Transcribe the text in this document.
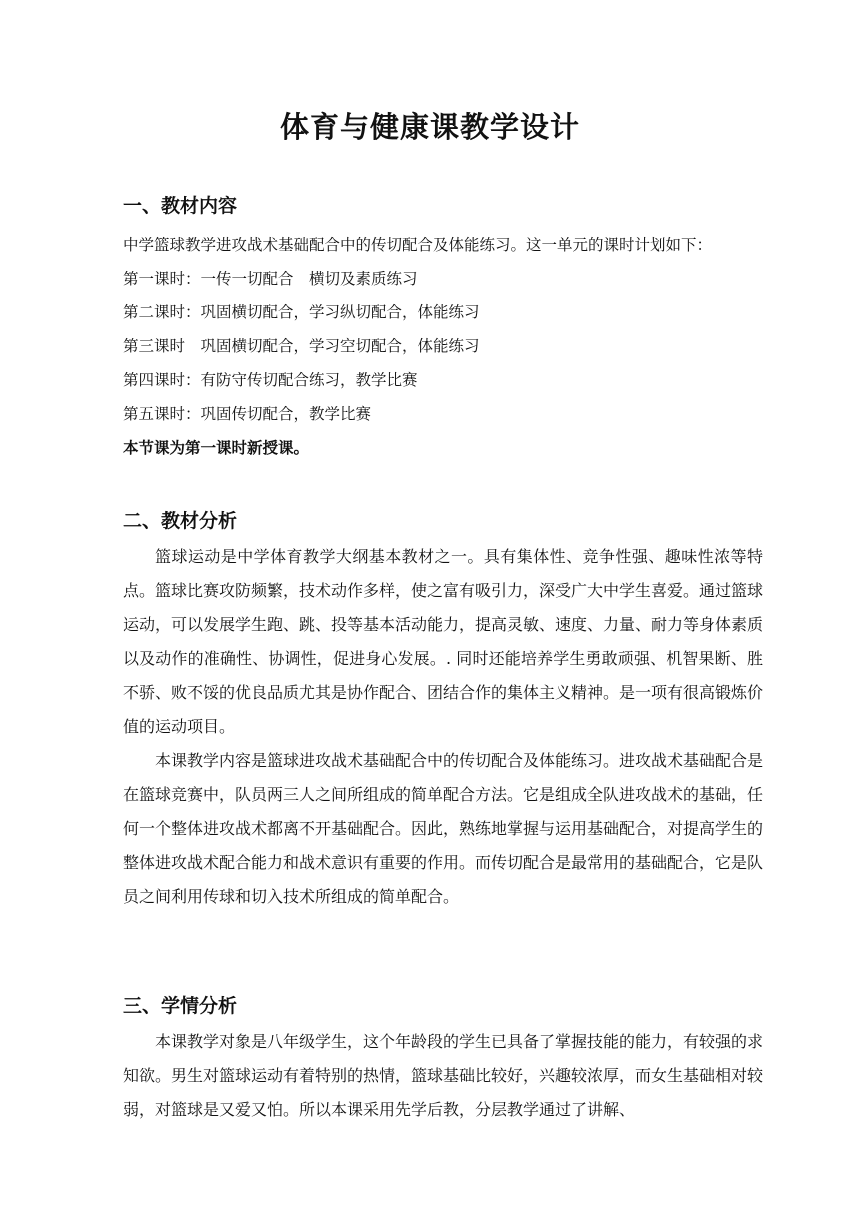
体育与健康课教学设计
一、教材内容

中学篮球教学进攻战术基础配合中的传切配合及体能练习。这一单元的课时计划如下：

第一课时：一传一切配合　横切及素质练习

第二课时：巩固横切配合，学习纵切配合，体能练习

第三课时　巩固横切配合，学习空切配合，体能练习

第四课时：有防守传切配合练习，教学比赛

第五课时：巩固传切配合，教学比赛

本节课为第一课时新授课。

二、教材分析

篮球运动是中学体育教学大纲基本教材之一。具有集体性、竞争性强、趣味性浓等特点。篮球比赛攻防频繁，技术动作多样，使之富有吸引力，深受广大中学生喜爱。通过篮球运动，可以发展学生跑、跳、投等基本活动能力，提高灵敏、速度、力量、耐力等身体素质以及动作的准确性、协调性，促进身心发展。. 同时还能培养学生勇敢顽强、机智果断、胜不骄、败不馁的优良品质尤其是协作配合、团结合作的集体主义精神。是一项有很高锻炼价值的运动项目。

本课教学内容是篮球进攻战术基础配合中的传切配合及体能练习。进攻战术基础配合是在篮球竞赛中，队员两三人之间所组成的简单配合方法。它是组成全队进攻战术的基础，任何一个整体进攻战术都离不开基础配合。因此，熟练地掌握与运用基础配合，对提高学生的整体进攻战术配合能力和战术意识有重要的作用。而传切配合是最常用的基础配合，它是队员之间利用传球和切入技术所组成的简单配合。

三、学情分析

本课教学对象是八年级学生，这个年龄段的学生已具备了掌握技能的能力，有较强的求知欲。男生对篮球运动有着特别的热情，篮球基础比较好，兴趣较浓厚，而女生基础相对较弱，对篮球是又爱又怕。所以本课采用先学后教，分层教学通过了讲解、
